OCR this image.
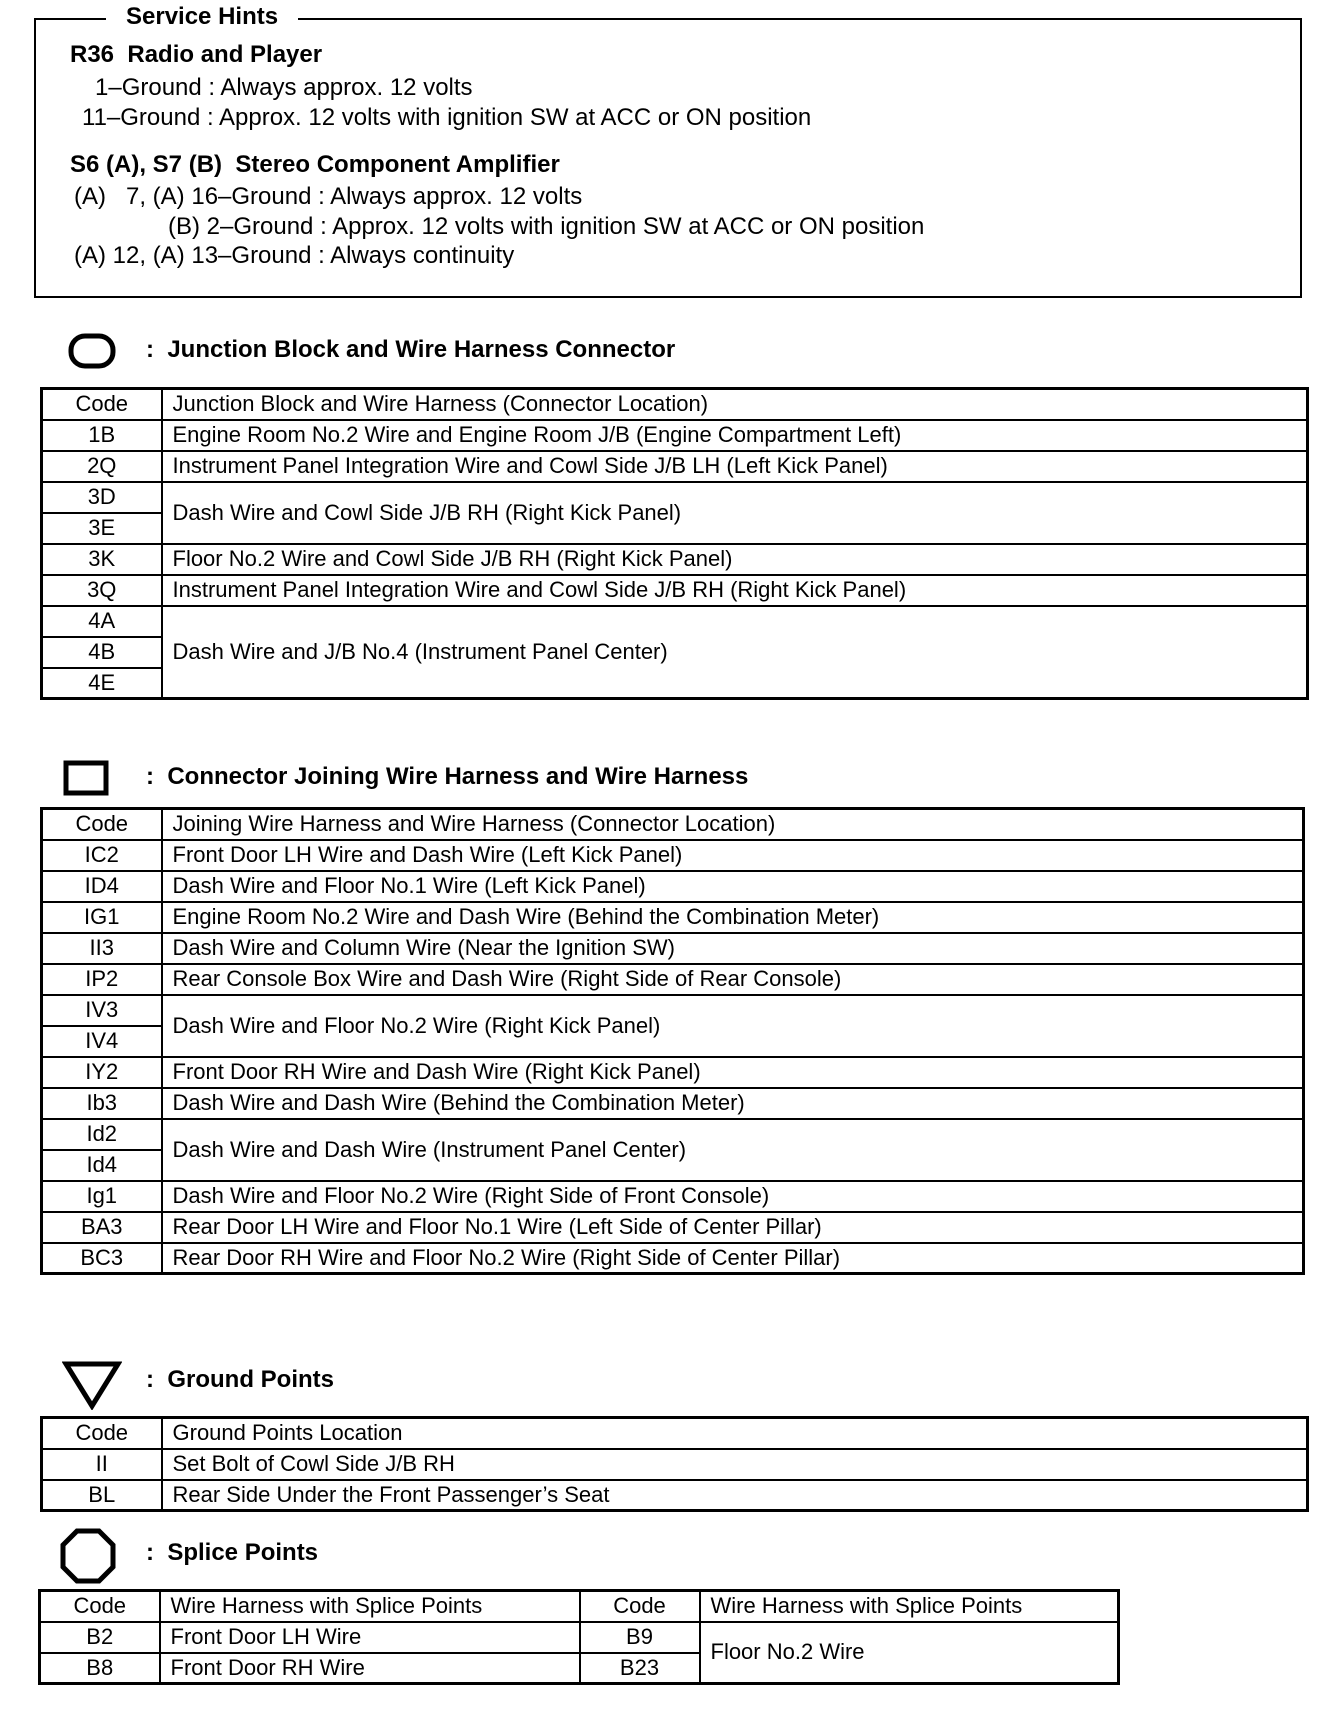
Service Hints
R36  Radio and Player
1–Ground : Always approx. 12 volts
11–Ground : Approx. 12 volts with ignition SW at ACC or ON position
S6 (A), S7 (B)  Stereo Component Amplifier
(A)   7, (A) 16–Ground : Always approx. 12 volts
(B) 2–Ground : Approx. 12 volts with ignition SW at ACC or ON position
(A) 12, (A) 13–Ground : Always continuity
:  Junction Block and Wire Harness Connector
Code	Junction Block and Wire Harness (Connector Location)
1B	Engine Room No.2 Wire and Engine Room J/B (Engine Compartment Left)
2Q	Instrument Panel Integration Wire and Cowl Side J/B LH (Left Kick Panel)
3D	Dash Wire and Cowl Side J/B RH (Right Kick Panel)
3E	
3K	Floor No.2 Wire and Cowl Side J/B RH (Right Kick Panel)
3Q	Instrument Panel Integration Wire and Cowl Side J/B RH (Right Kick Panel)
4A	Dash Wire and J/B No.4 (Instrument Panel Center)
4B	
4E	
:  Connector Joining Wire Harness and Wire Harness
Code	Joining Wire Harness and Wire Harness (Connector Location)
IC2	Front Door LH Wire and Dash Wire (Left Kick Panel)
ID4	Dash Wire and Floor No.1 Wire (Left Kick Panel)
IG1	Engine Room No.2 Wire and Dash Wire (Behind the Combination Meter)
II3	Dash Wire and Column Wire (Near the Ignition SW)
IP2	Rear Console Box Wire and Dash Wire (Right Side of Rear Console)
IV3	Dash Wire and Floor No.2 Wire (Right Kick Panel)
IV4	
IY2	Front Door RH Wire and Dash Wire (Right Kick Panel)
Ib3	Dash Wire and Dash Wire (Behind the Combination Meter)
Id2	Dash Wire and Dash Wire (Instrument Panel Center)
Id4	
Ig1	Dash Wire and Floor No.2 Wire (Right Side of Front Console)
BA3	Rear Door LH Wire and Floor No.1 Wire (Left Side of Center Pillar)
BC3	Rear Door RH Wire and Floor No.2 Wire (Right Side of Center Pillar)
:  Ground Points
Code	Ground Points Location
II	Set Bolt of Cowl Side J/B RH
BL	Rear Side Under the Front Passenger’s Seat
:  Splice Points
Code	Wire Harness with Splice Points	Code	Wire Harness with Splice Points
B2	Front Door LH Wire	B9	Floor No.2 Wire
B8	Front Door RH Wire	B23	
